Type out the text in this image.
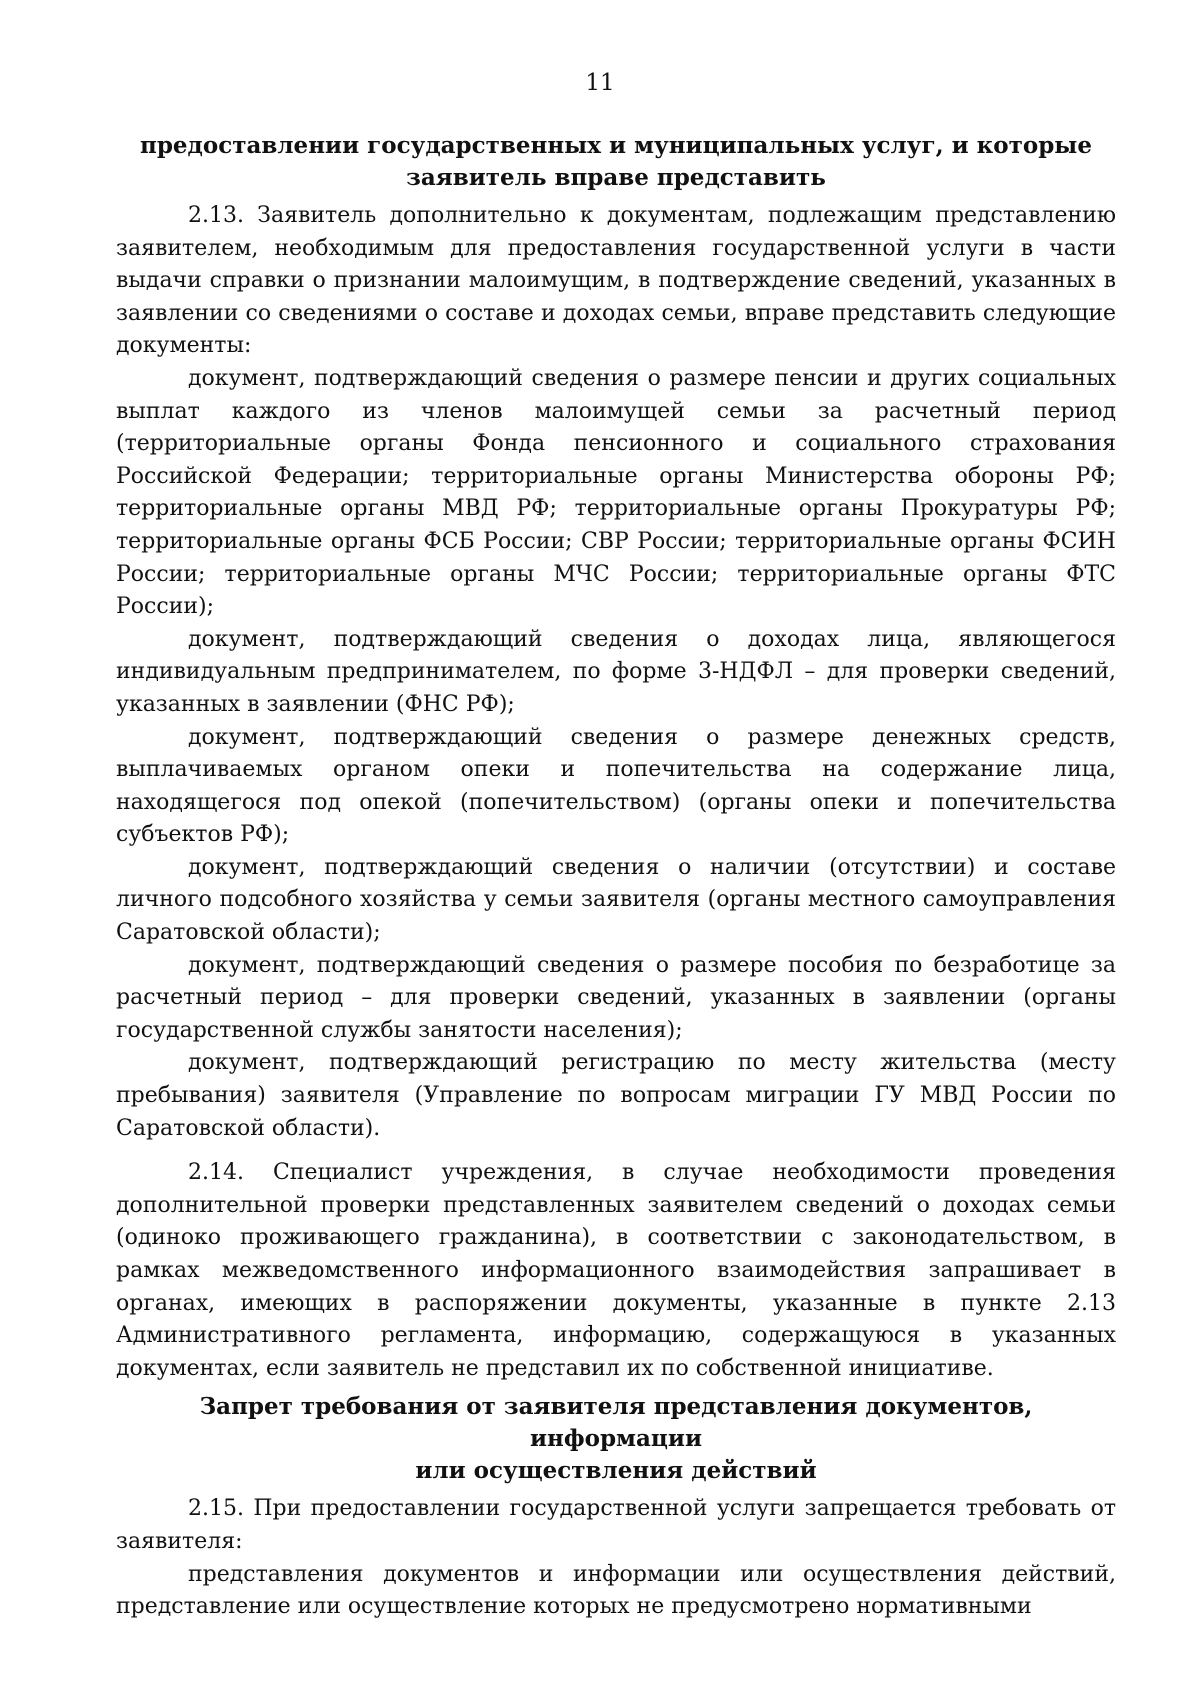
11
предоставлении государственных и муниципальных услуг, и которые
заявитель вправе представить

2.13. Заявитель дополнительно к документам, подлежащим представлению заявителем, необходимым для предоставления государственной услуги в части выдачи справки о признании малоимущим, в подтверждение сведений, указанных в заявлении со сведениями о составе и доходах семьи, вправе представить следующие документы:

документ, подтверждающий сведения о размере пенсии и других социальных выплат каждого из членов малоимущей семьи за расчетный период (территориальные органы Фонда пенсионного и социального страхования Российской Федерации; территориальные органы Министерства обороны РФ; территориальные органы МВД РФ; территориальные органы Прокуратуры РФ; территориальные органы ФСБ России; СВР России; территориальные органы ФСИН России; территориальные органы МЧС России; территориальные органы ФТС России);

документ, подтверждающий сведения о доходах лица, являющегося индивидуальным предпринимателем, по форме 3-НДФЛ – для проверки сведений, указанных в заявлении (ФНС РФ);

документ, подтверждающий сведения о размере денежных средств, выплачиваемых органом опеки и попечительства на содержание лица, находящегося под опекой (попечительством) (органы опеки и попечительства субъектов РФ);

документ, подтверждающий сведения о наличии (отсутствии) и составе личного подсобного хозяйства у семьи заявителя (органы местного самоуправления Саратовской области);

документ, подтверждающий сведения о размере пособия по безработице за расчетный период – для проверки сведений, указанных в заявлении (органы государственной службы занятости населения);

документ, подтверждающий регистрацию по месту жительства (месту пребывания) заявителя (Управление по вопросам миграции ГУ МВД России по Саратовской области).

2.14. Специалист учреждения, в случае необходимости проведения дополнительной проверки представленных заявителем сведений о доходах семьи (одиноко проживающего гражданина), в соответствии с законодательством, в рамках межведомственного информационного взаимодействия запрашивает в органах, имеющих в распоряжении документы, указанные в пункте 2.13 Административного регламента, информацию, содержащуюся в указанных документах, если заявитель не представил их по собственной инициативе.

Запрет требования от заявителя представления документов, информации
или осуществления действий

2.15. При предоставлении государственной услуги запрещается требовать от заявителя:

представления документов и информации или осуществления действий, представление или осуществление которых не предусмотрено нормативными
